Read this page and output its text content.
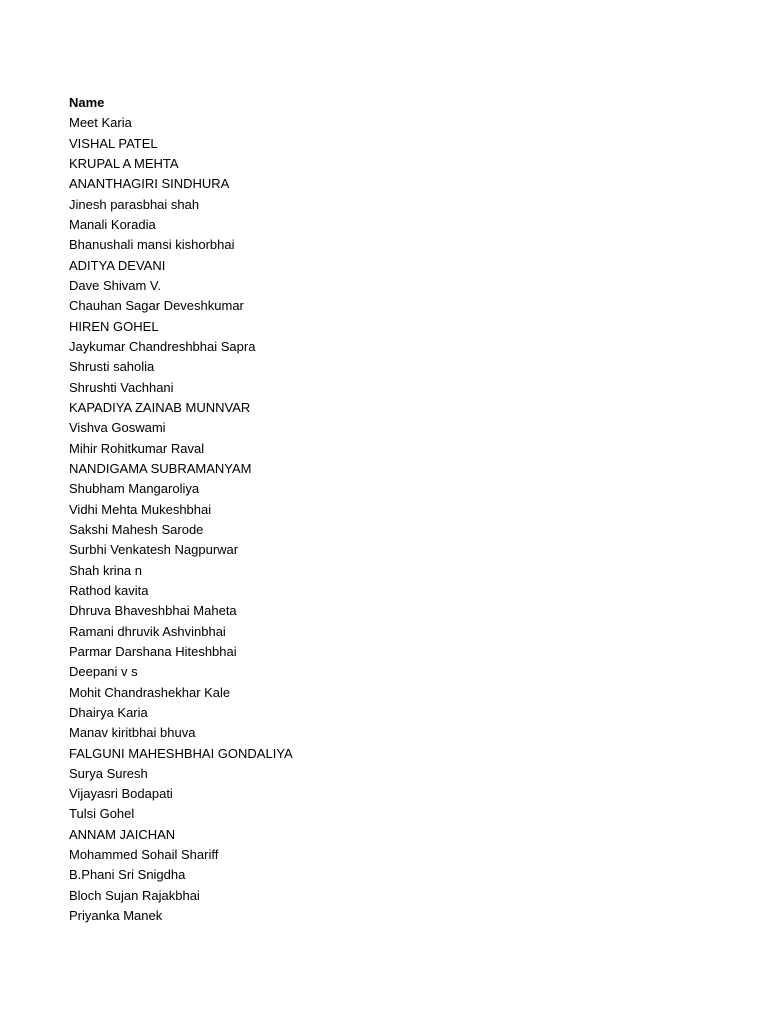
Name
Meet Karia
VISHAL PATEL
KRUPAL A MEHTA
ANANTHAGIRI SINDHURA
Jinesh parasbhai shah
Manali Koradia
Bhanushali mansi kishorbhai
ADITYA DEVANI
Dave Shivam V.
Chauhan Sagar Deveshkumar
HIREN GOHEL
Jaykumar Chandreshbhai Sapra
Shrusti saholia
Shrushti Vachhani
KAPADIYA ZAINAB MUNNVAR
Vishva Goswami
Mihir Rohitkumar Raval
NANDIGAMA SUBRAMANYAM
Shubham Mangaroliya
Vidhi Mehta Mukeshbhai
Sakshi Mahesh Sarode
Surbhi Venkatesh Nagpurwar
Shah krina n
Rathod kavita
Dhruva Bhaveshbhai Maheta
Ramani dhruvik Ashvinbhai
Parmar Darshana Hiteshbhai
Deepani v s
Mohit Chandrashekhar Kale
Dhairya Karia
Manav kiritbhai bhuva
FALGUNI MAHESHBHAI GONDALIYA
Surya Suresh
Vijayasri Bodapati
Tulsi Gohel
ANNAM JAICHAN
Mohammed Sohail Shariff
B.Phani Sri Snigdha
Bloch Sujan Rajakbhai
Priyanka Manek
